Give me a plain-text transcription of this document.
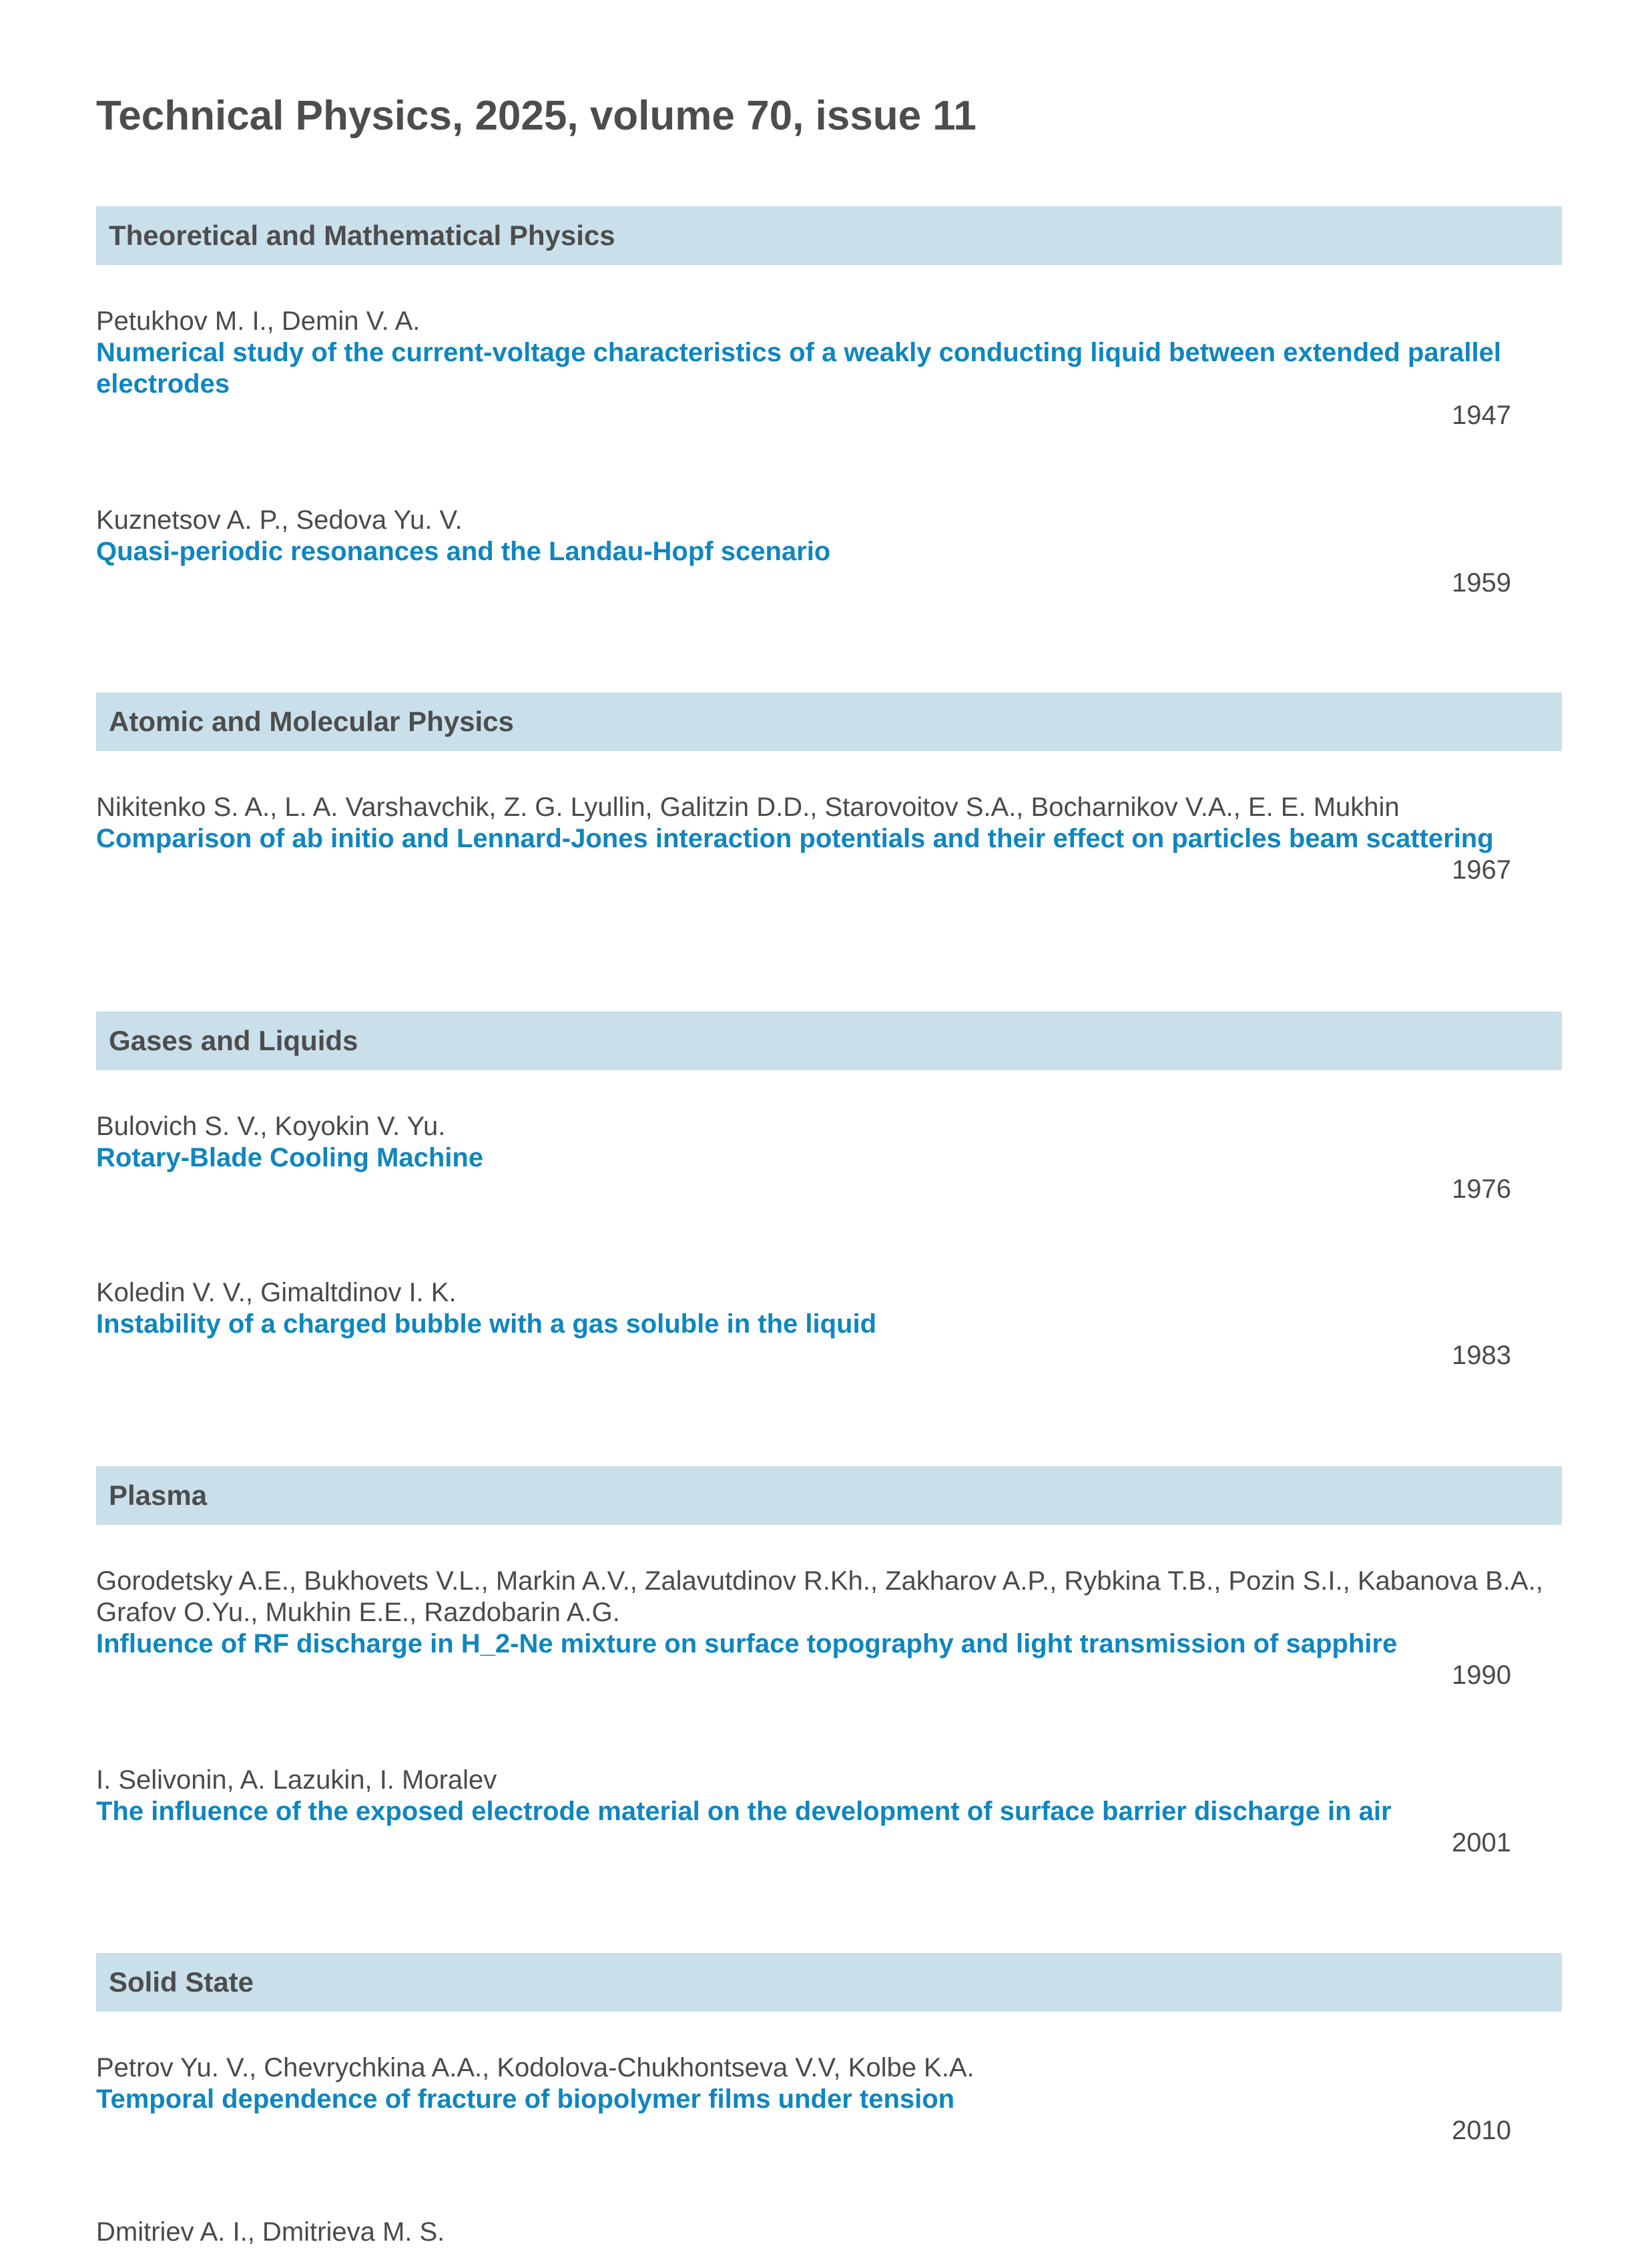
Technical Physics, 2025, volume 70, issue 11
Theoretical and Mathematical Physics
Petukhov M. I., Demin V. A.
Numerical study of the current-voltage characteristics of a weakly conducting liquid between extended parallel electrodes
1947
Kuznetsov A. P., Sedova Yu. V.
Quasi-periodic resonances and the Landau-Hopf scenario
1959
Atomic and Molecular Physics
Nikitenko S. A., L. A. Varshavchik, Z. G. Lyullin, Galitzin D.D., Starovoitov S.A., Bocharnikov V.A., E. E. Mukhin
Comparison of ab initio and Lennard-Jones interaction potentials and their effect on particles beam scattering
1967
Gases and Liquids
Bulovich S. V., Koyokin V. Yu.
Rotary-Blade Cooling Machine
1976
Koledin V. V., Gimaltdinov I. K.
Instability of a charged bubble with a gas soluble in the liquid
1983
Plasma
Gorodetsky A.E., Bukhovets V.L., Markin A.V., Zalavutdinov R.Kh., Zakharov A.P., Rybkina T.B., Pozin S.I., Kabanova B.A., Grafov O.Yu., Mukhin E.E., Razdobarin A.G.
Influence of RF discharge in H_2-Ne mixture on surface topography and light transmission of sapphire
1990
I. Selivonin, A. Lazukin, I. Moralev
The influence of the exposed electrode material on the development of surface barrier discharge in air
2001
Solid State
Petrov Yu. V., Chevrychkina A.A., Kodolova-Chukhontseva V.V, Kolbe K.A.
Temporal dependence of fracture of biopolymer films under tension
2010
Dmitriev A. I., Dmitrieva M. S.
